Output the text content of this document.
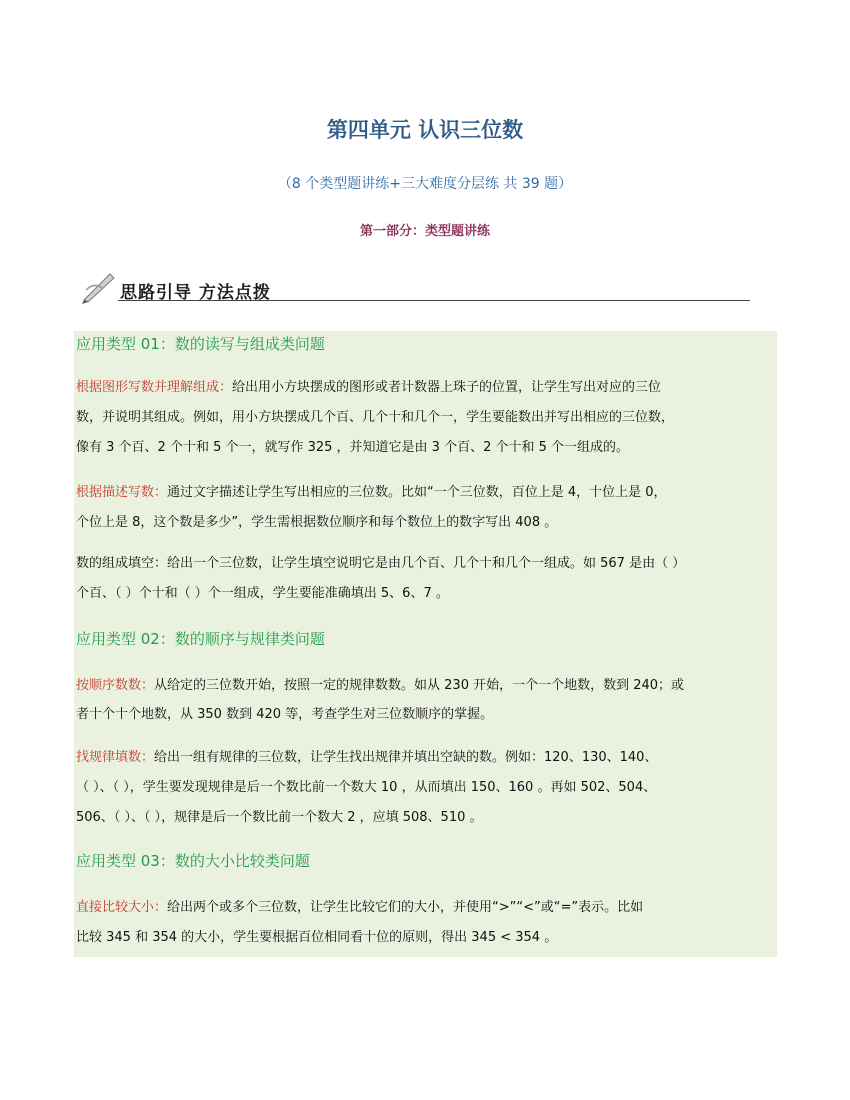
第四单元 认识三位数
（8 个类型题讲练+三大难度分层练 共 39 题）
第一部分：类型题讲练
思路引导 方法点拨
应用类型 01：数的读写与组成类问题
根据图形写数并理解组成：给出用小方块摆成的图形或者计数器上珠子的位置，让学生写出对应的三位
数，并说明其组成。例如，用小方块摆成几个百、几个十和几个一，学生要能数出并写出相应的三位数，
像有 3 个百、2 个十和 5 个一，就写作 325 ，并知道它是由 3 个百、2 个十和 5 个一组成的。
根据描述写数：通过文字描述让学生写出相应的三位数。比如“一个三位数，百位上是 4，十位上是 0，
个位上是 8，这个数是多少”，学生需根据数位顺序和每个数位上的数字写出 408 。
数的组成填空：给出一个三位数，让学生填空说明它是由几个百、几个十和几个一组成。如 567 是由（ ）
个百、（ ）个十和（ ）个一组成，学生要能准确填出 5、6、7 。
应用类型 02：数的顺序与规律类问题
按顺序数数：从给定的三位数开始，按照一定的规律数数。如从 230 开始，一个一个地数，数到 240；或
者十个十个地数，从 350 数到 420 等，考查学生对三位数顺序的掌握。
找规律填数：给出一组有规律的三位数，让学生找出规律并填出空缺的数。例如：120、130、140、
（ ）、（ ），学生要发现规律是后一个数比前一个数大 10 ，从而填出 150、160 。再如 502、504、
506、（ ）、（ ），规律是后一个数比前一个数大 2 ，应填 508、510 。
应用类型 03：数的大小比较类问题
直接比较大小：给出两个或多个三位数，让学生比较它们的大小，并使用“>”“<”或“=”表示。比如
比较 345 和 354 的大小，学生要根据百位相同看十位的原则，得出 345 < 354 。
